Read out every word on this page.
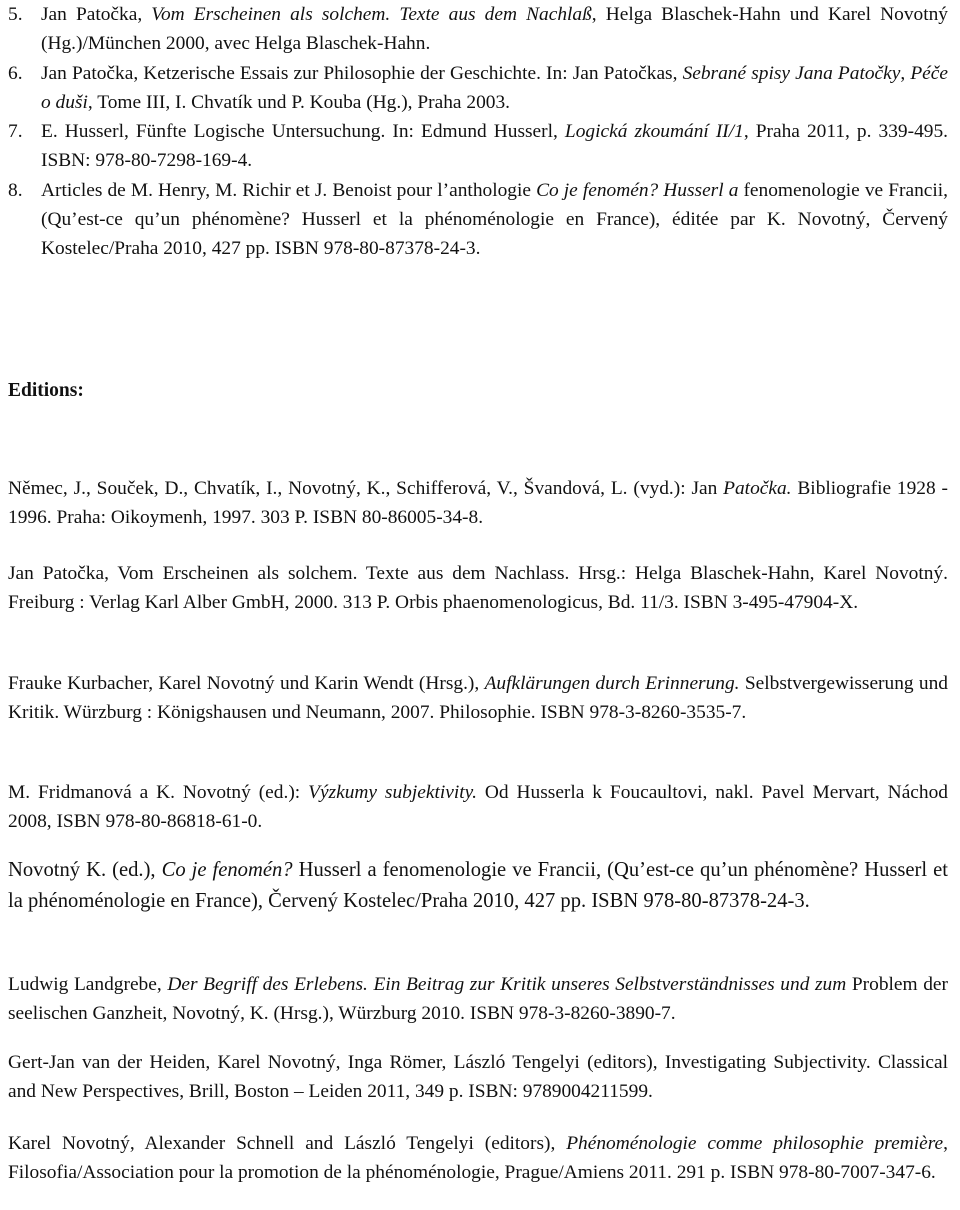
5. Jan Patočka, Vom Erscheinen als solchem. Texte aus dem Nachlaß, Helga Blaschek-Hahn und Karel Novotný (Hg.)/München 2000, avec Helga Blaschek-Hahn.
6. Jan Patočka, Ketzerische Essais zur Philosophie der Geschichte. In: Jan Patočkas, Sebrané spisy Jana Patočky, Péče o duši, Tome III, I. Chvatík und P. Kouba (Hg.), Praha 2003.
7. E. Husserl, Fünfte Logische Untersuchung. In: Edmund Husserl, Logická zkoumání II/1, Praha 2011, p. 339-495. ISBN: 978-80-7298-169-4.
8. Articles de M. Henry, M. Richir et J. Benoist pour l’anthologie Co je fenomén? Husserl a fenomenologie ve Francii, (Qu’est-ce qu’un phénomène? Husserl et la phénoménologie en France), éditée par K. Novotný, Červený Kostelec/Praha 2010, 427 pp. ISBN 978-80-87378-24-3.
Editions:
Němec, J., Souček, D., Chvatík, I., Novotný, K., Schifferová, V., Švandová, L. (vyd.): Jan Patočka. Bibliografie 1928 - 1996. Praha: Oikoymenh, 1997. 303 P. ISBN 80-86005-34-8.
Jan Patočka, Vom Erscheinen als solchem. Texte aus dem Nachlass. Hrsg.: Helga Blaschek-Hahn, Karel Novotný. Freiburg : Verlag Karl Alber GmbH, 2000. 313 P. Orbis phaenomenologicus, Bd. 11/3. ISBN 3-495-47904-X.
Frauke Kurbacher, Karel Novotný und Karin Wendt (Hrsg.), Aufklärungen durch Erinnerung. Selbstvergewisserung und Kritik. Würzburg : Königshausen und Neumann, 2007. Philosophie. ISBN 978-3-8260-3535-7.
M. Fridmanová a K. Novotný (ed.): Výzkumy subjektivity. Od Husserla k Foucaultovi, nakl. Pavel Mervart, Náchod 2008, ISBN 978-80-86818-61-0.
Novotný K. (ed.), Co je fenomén? Husserl a fenomenologie ve Francii, (Qu’est-ce qu’un phénomène? Husserl et la phénoménologie en France), Červený Kostelec/Praha 2010, 427 pp. ISBN 978-80-87378-24-3.
Ludwig Landgrebe, Der Begriff des Erlebens. Ein Beitrag zur Kritik unseres Selbstverständnisses und zum Problem der seelischen Ganzheit, Novotný, K. (Hrsg.), Würzburg 2010. ISBN 978-3-8260-3890-7.
Gert-Jan van der Heiden, Karel Novotný, Inga Römer, László Tengelyi (editors), Investigating Subjectivity. Classical and New Perspectives, Brill, Boston – Leiden 2011, 349 p. ISBN: 9789004211599.
Karel Novotný, Alexander Schnell and László Tengelyi (editors), Phénoménologie comme philosophie première, Filosofia/Association pour la promotion de la phénoménologie, Prague/Amiens 2011. 291 p. ISBN 978-80-7007-347-6.
